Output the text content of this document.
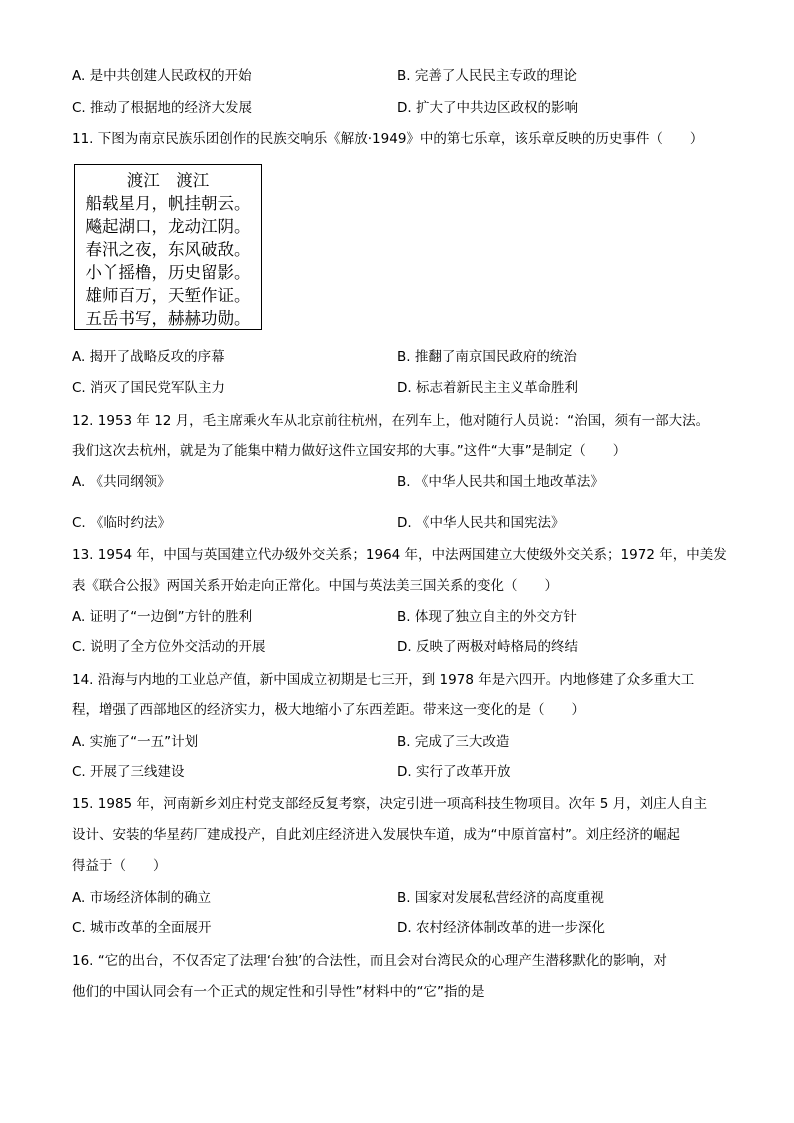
A. 是中共创建人民政权的开始	B. 完善了人民民主专政的理论
C. 推动了根据地的经济大发展	D. 扩大了中共边区政权的影响
11. 下图为南京民族乐团创作的民族交响乐《解放·1949》中的第七乐章，该乐章反映的历史事件（　　）
渡江　渡江
船载星月，帆挂朝云。
飚起湖口，龙动江阴。
春汛之夜，东风破敌。
小丫摇橹，历史留影。
雄师百万，天堑作证。
五岳书写，赫赫功勋。
A. 揭开了战略反攻的序幕	B. 推翻了南京国民政府的统治
C. 消灭了国民党军队主力	D. 标志着新民主主义革命胜利
12. 1953 年 12 月，毛主席乘火车从北京前往杭州，在列车上，他对随行人员说：“治国，须有一部大法。
我们这次去杭州，就是为了能集中精力做好这件立国安邦的大事。”这件“大事”是制定（　　）
A. 《共同纲领》	B. 《中华人民共和国土地改革法》
C. 《临时约法》	D. 《中华人民共和国宪法》
13. 1954 年，中国与英国建立代办级外交关系；1964 年，中法两国建立大使级外交关系；1972 年，中美发
表《联合公报》两国关系开始走向正常化。中国与英法美三国关系的变化（　　）
A. 证明了“一边倒”方针的胜利	B. 体现了独立自主的外交方针
C. 说明了全方位外交活动的开展	D. 反映了两极对峙格局的终结
14. 沿海与内地的工业总产值，新中国成立初期是七三开，到 1978 年是六四开。内地修建了众多重大工
程，增强了西部地区的经济实力，极大地缩小了东西差距。带来这一变化的是（　　）
A. 实施了“一五”计划	B. 完成了三大改造
C. 开展了三线建设	D. 实行了改革开放
15. 1985 年，河南新乡刘庄村党支部经反复考察，决定引进一项高科技生物项目。次年 5 月，刘庄人自主
设计、安装的华星药厂建成投产，自此刘庄经济进入发展快车道，成为“中原首富村”。刘庄经济的崛起
得益于（　　）
A. 市场经济体制的确立	B. 国家对发展私营经济的高度重视
C. 城市改革的全面展开	D. 农村经济体制改革的进一步深化
16. “它的出台，不仅否定了法理‘台独’的合法性，而且会对台湾民众的心理产生潜移默化的影响，对
他们的中国认同会有一个正式的规定性和引导性”材料中的“它”指的是
